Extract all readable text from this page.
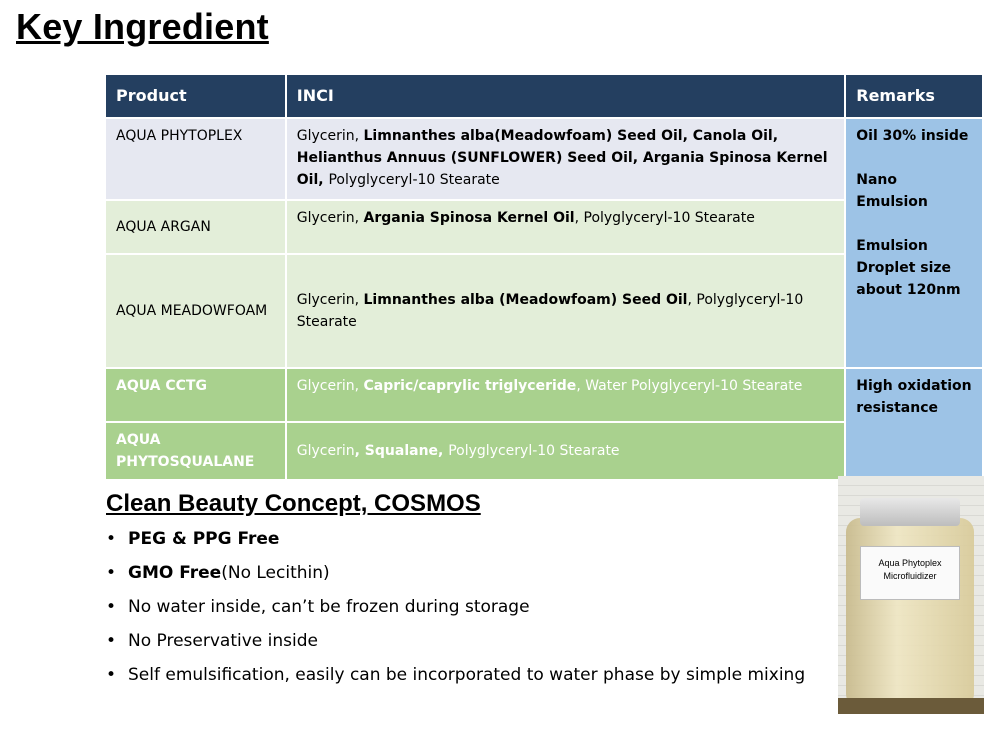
Key Ingredient
Product	INCI	Remarks
AQUA PHYTOPLEX	Glycerin, Limnanthes alba(Meadowfoam) Seed Oil, Canola Oil, Helianthus Annuus (SUNFLOWER) Seed Oil, Argania Spinosa Kernel Oil, Polyglyceryl-10 Stearate	Oil 30% inside

Nano Emulsion

Emulsion Droplet size about 120nm

AQUA ARGAN	Glycerin, Argania Spinosa Kernel Oil, Polyglyceryl-10 Stearate	
AQUA MEADOWFOAM	Glycerin, Limnanthes alba (Meadowfoam) Seed Oil, Polyglyceryl-10 Stearate	
AQUA CCTG	Glycerin, Capric/caprylic triglyceride, Water Polyglyceryl-10 Stearate	High oxidation resistance
AQUA PHYTOSQUALANE	Glycerin, Squalane, Polyglyceryl-10 Stearate	
Clean Beauty Concept, COSMOS
• PEG & PPG Free
• GMO Free(No Lecithin)
• No water inside, can’t be frozen during storage
• No Preservative inside
• Self emulsification, easily can be incorporated to water phase by simple mixing
Aqua Phytoplex
Microfluidizer
